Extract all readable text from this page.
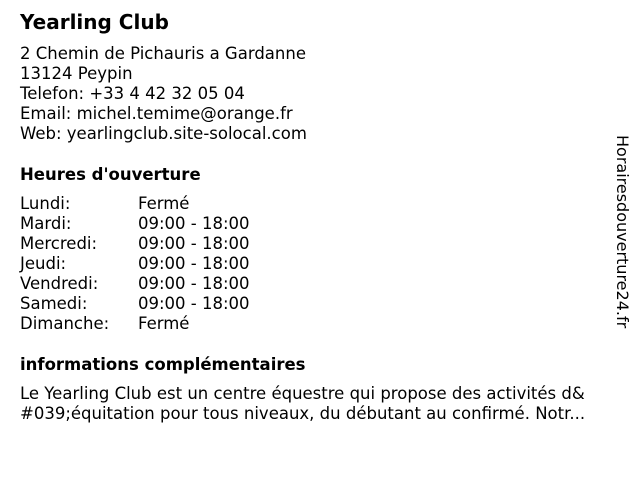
Yearling Club
2 Chemin de Pichauris a Gardanne
13124 Peypin
Telefon: +33 4 42 32 05 04
Email: michel.temime@orange.fr
Web: yearlingclub.site-solocal.com
Heures d'ouverture
Lundi:	Fermé
Mardi:	09:00 - 18:00
Mercredi: 09:00 - 18:00
Jeudi:	09:00 - 18:00
Vendredi: 09:00 - 18:00
Samedi:	09:00 - 18:00
Dimanche: Fermé
informations complémentaires
Le Yearling Club est un centre équestre qui propose des activités d&
#039;équitation pour tous niveaux, du débutant au confirmé. Notr...
Horairesdouverture24.fr
